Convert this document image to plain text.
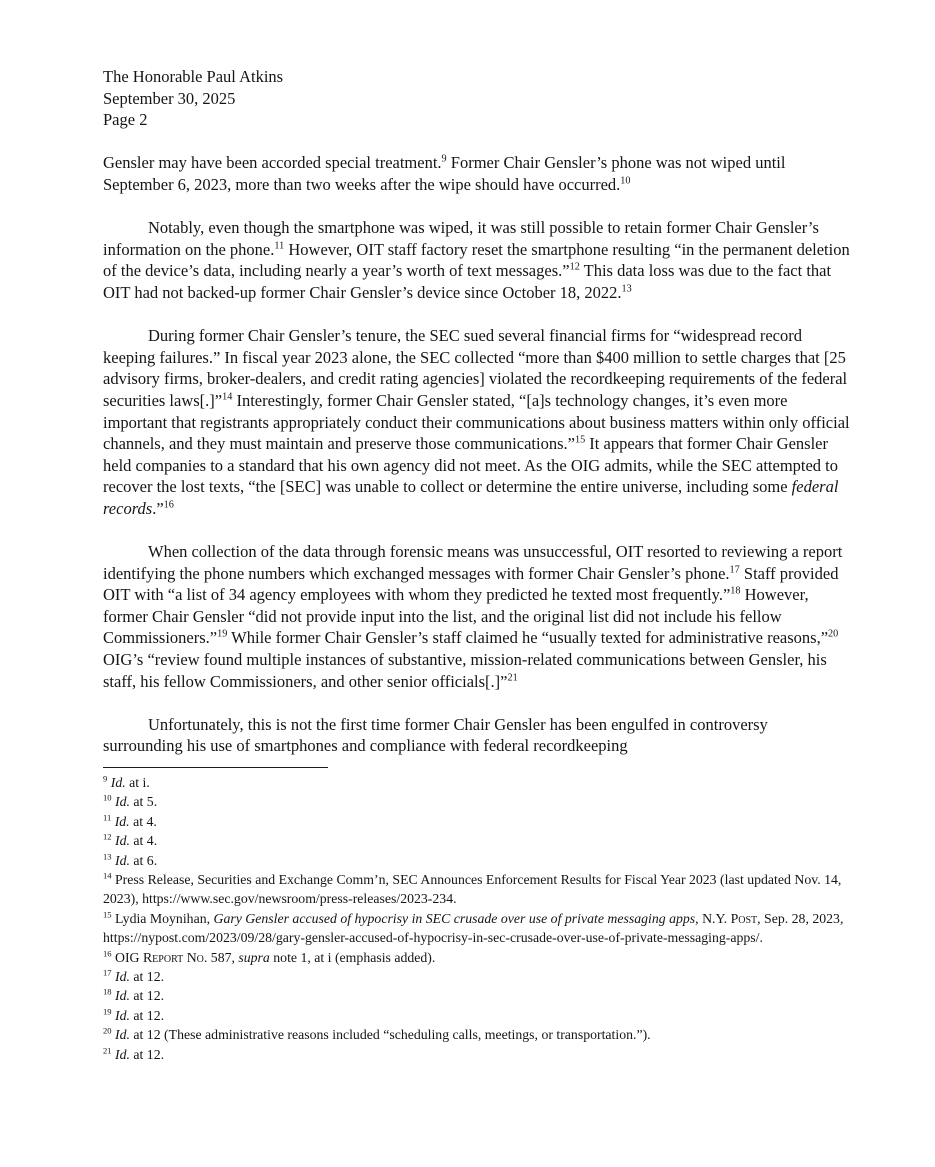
The Honorable Paul Atkins
September 30, 2025
Page 2

Gensler may have been accorded special treatment.$^9$ Former Chair Gensler’s phone was not wiped until September 6, 2023, more than two weeks after the wipe should have occurred.$^{10}$

Notably, even though the smartphone was wiped, it was still possible to retain former Chair Gensler’s information on the phone.$^{11}$ However, OIT staff factory reset the smartphone resulting “in the permanent deletion of the device’s data, including nearly a year’s worth of text messages.”$^{12}$ This data loss was due to the fact that OIT had not backed-up former Chair Gensler’s device since October 18, 2022.13

During former Chair Gensler’s tenure, the SEC sued several financial firms for “widespread record keeping failures.” In fiscal year 2023 alone, the SEC collected “more than $400 million to settle charges that [25 advisory firms, broker-dealers, and credit rating agencies] violated the recordkeeping requirements of the federal securities laws[.]”$^{14}$ Interestingly, former Chair Gensler stated, “[a]s technology changes, it’s even more important that registrants appropriately conduct their communications about business matters within only official channels, and they must maintain and preserve those communications.”$^{15}$ It appears that former Chair Gensler held companies to a standard that his own agency did not meet. As the OIG admits, while the SEC attempted to recover the lost texts, “the [SEC] was unable to collect or determine the entire universe, including some federal records.”$^{16}$

When collection of the data through forensic means was unsuccessful, OIT resorted to reviewing a report identifying the phone numbers which exchanged messages with former Chair Gensler’s phone.$^{17}$ Staff provided OIT with “a list of 34 agency employees with whom they predicted he texted most frequently.”$^{18}$ However, former Chair Gensler “did not provide input into the list, and the original list did not include his fellow Commissioners.”$^{19}$ While former Chair Gensler’s staff claimed he “usually texted for administrative reasons,”$^{20}$ OIG’s “review found multiple instances of substantive, mission-related communications between Gensler, his staff, his fellow Commissioners, and other senior officials[.]”$^{21}$

Unfortunately, this is not the first time former Chair Gensler has been engulfed in controversy surrounding his use of smartphones and compliance with federal recordkeeping

$^9$ Id. at i.
$^{10}$ Id. at 5.
$^{11}$ Id. at 4.
$^{12}$ Id. at 4.
$^{13}$ Id. at 6.
$^{14}$ Press Release, Securities and Exchange Comm’n, SEC Announces Enforcement Results for Fiscal Year 2023 (last updated Nov. 14, 2023), https://www.sec.gov/newsroom/press-releases/2023-234.
$^{15}$ Lydia Moynihan, Gary Gensler accused of hypocrisy in SEC crusade over use of private messaging apps, N.Y. Post, Sep. 28, 2023, https://nypost.com/2023/09/28/gary-gensler-accused-of-hypocrisy-in-sec-crusade-over-use-of-private-messaging-apps/.
$^{16}$ OIG Report No. 587, supra note 1, at i (emphasis added).
$^{17}$ Id. at 12.
$^{18}$ Id. at 12.
$^{19}$ Id. at 12.
$^{20}$ Id. at 12 (These administrative reasons included “scheduling calls, meetings, or transportation.”).
$^{21}$ Id. at 12.
